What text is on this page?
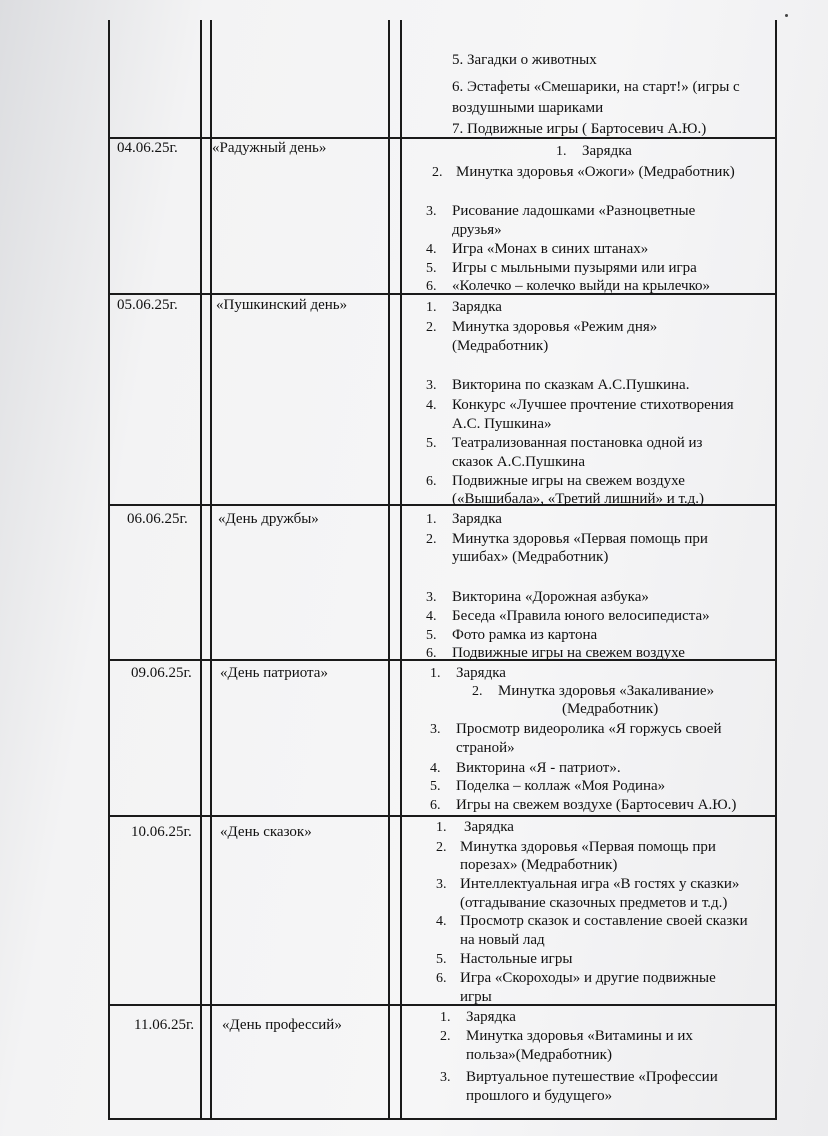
5. Загадки о животных
6. Эстафеты «Смешарики, на старт!» (игры с
воздушными шариками
7. Подвижные игры ( Бартосевич А.Ю.)
04.06.25г. «Радужный день»	1. Зарядка
2. Минутка здоровья «Ожоги» (Медработник)
3. Рисование ладошками «Разноцветные
друзья»
4. Игра «Монах в синих штанах»
5. Игры с мыльными пузырями или игра
6. «Колечко – колечко выйди на крылечко»
05.06.25г.	«Пушкинский день»	1. Зарядка
2. Минутка здоровья «Режим дня»
(Медработник)
3. Викторина по сказкам А.С.Пушкина.
4. Конкурс «Лучшее прочтение стихотворения
А.С. Пушкина»
5. Театрализованная постановка одной из
сказок А.С.Пушкина
6. Подвижные игры на свежем воздухе
(«Вышибала», «Третий лишний» и т.д.)
06.06.25г. «День дружбы»	1. Зарядка
2. Минутка здоровья «Первая помощь при
ушибах» (Медработник)
3. Викторина «Дорожная азбука»
4. Беседа «Правила юного велосипедиста»
5. Фото рамка из картона
6. Подвижные игры на свежем воздухе
09.06.25г. «День патриота»	1. Зарядка
2. Минутка здоровья «Закаливание»
(Медработник)
3. Просмотр видеоролика «Я горжусь своей
страной»
4. Викторина «Я - патриот».
5. Поделка – коллаж «Моя Родина»
6. Игры на свежем воздухе (Бартосевич А.Ю.)
10.06.25г. «День сказок»	1. Зарядка
2. Минутка здоровья «Первая помощь при
порезах» (Медработник)
3. Интеллектуальная игра «В гостях у сказки»
(отгадывание сказочных предметов и т.д.)
4. Просмотр сказок и составление своей сказки
на новый лад
5. Настольные игры
6. Игра «Скороходы» и другие подвижные
игры
11.06.25г. «День профессий»	1. Зарядка
2. Минутка здоровья «Витамины и их
польза»(Медработник)
3. Виртуальное путешествие «Профессии
прошлого и будущего»
